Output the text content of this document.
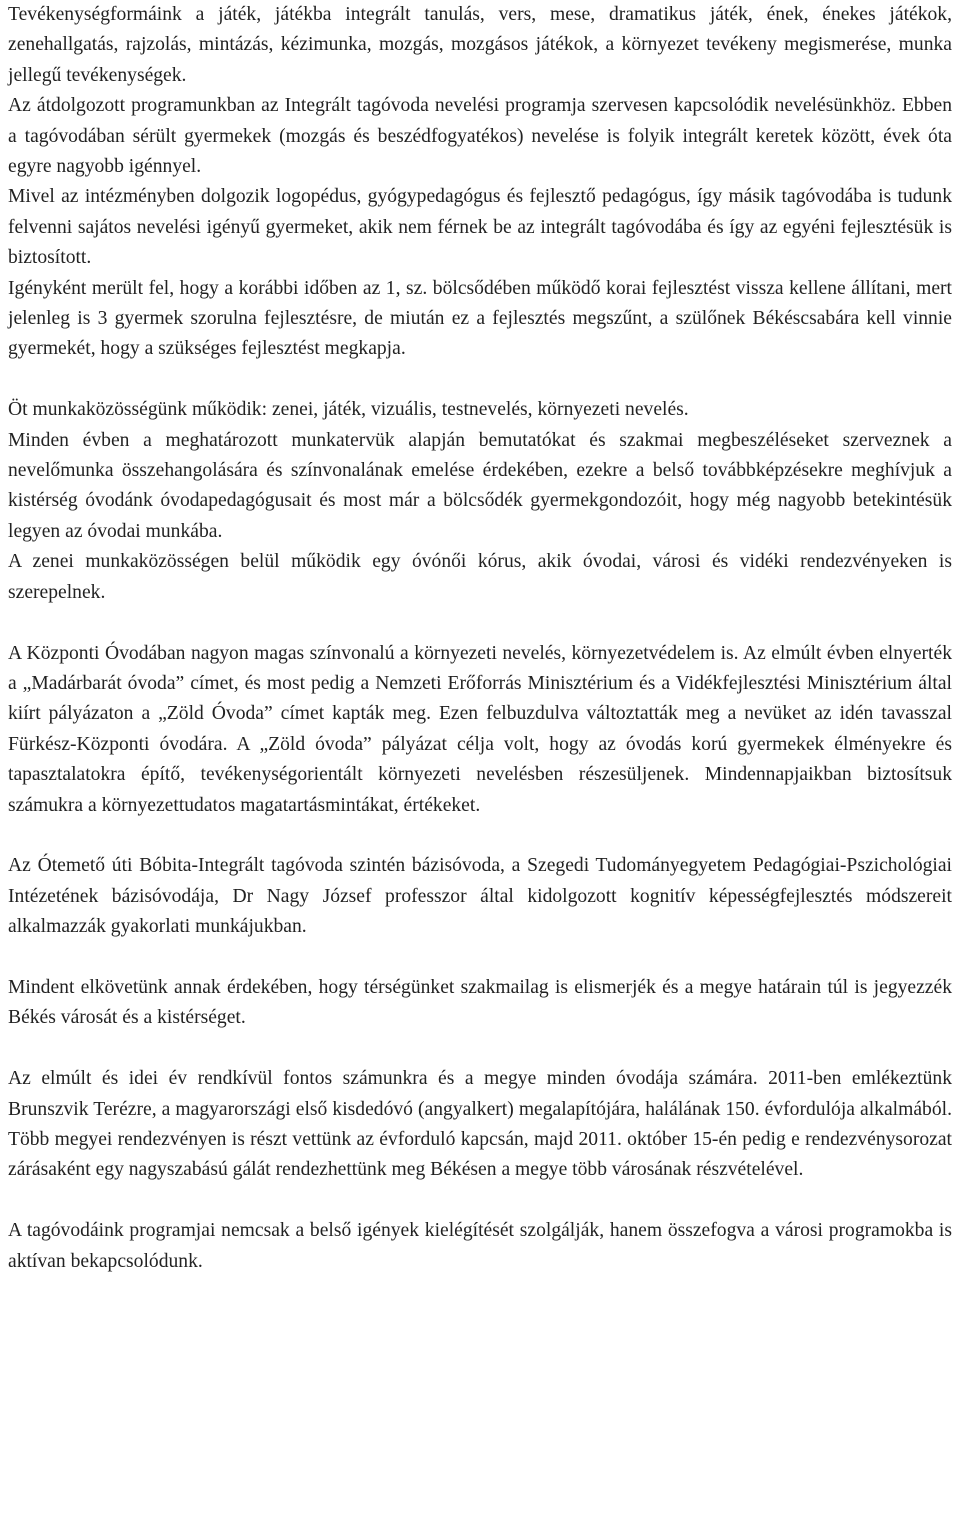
Tevékenységformáink a játék, játékba integrált tanulás, vers, mese, dramatikus játék, ének, énekes játékok, zenehallgatás, rajzolás, mintázás, kézimunka, mozgás, mozgásos játékok, a környezet tevékeny megismerése, munka jellegű tevékenységek.

Az átdolgozott programunkban az Integrált tagóvoda nevelési programja szervesen kapcsolódik nevelésünkhöz. Ebben a tagóvodában sérült gyermekek (mozgás és beszédfogyatékos) nevelése is folyik integrált keretek között, évek óta egyre nagyobb igénnyel.

Mivel az intézményben dolgozik logopédus, gyógypedagógus és fejlesztő pedagógus, így másik tagóvodába is tudunk felvenni sajátos nevelési igényű gyermeket, akik nem férnek be az integrált tagóvodába és így az egyéni fejlesztésük is biztosított.

Igényként merült fel, hogy a korábbi időben az 1, sz. bölcsődében működő korai fejlesztést vissza kellene állítani, mert jelenleg is 3 gyermek szorulna fejlesztésre, de miután ez a fejlesztés megszűnt, a szülőnek Békéscsabára kell vinnie gyermekét, hogy a szükséges fejlesztést megkapja.

Öt munkaközösségünk működik: zenei, játék, vizuális, testnevelés, környezeti nevelés.

Minden évben a meghatározott munkatervük alapján bemutatókat és szakmai megbeszéléseket szerveznek a nevelőmunka összehangolására és színvonalának emelése érdekében, ezekre a belső továbbképzésekre meghívjuk a kistérség óvodánk óvodapedagógusait és most már a bölcsődék gyermekgondozóit, hogy még nagyobb betekintésük legyen az óvodai munkába.

A zenei munkaközösségen belül működik egy óvónői kórus, akik óvodai, városi és vidéki rendezvényeken is szerepelnek.

A Központi Óvodában nagyon magas színvonalú a környezeti nevelés, környezetvédelem is. Az elmúlt évben elnyerték a „Madárbarát óvoda” címet, és most pedig a Nemzeti Erőforrás Minisztérium és a Vidékfejlesztési Minisztérium által kiírt pályázaton a „Zöld Óvoda” címet kapták meg. Ezen felbuzdulva változtatták meg a nevüket az idén tavasszal Fürkész-Központi óvodára. A „Zöld óvoda” pályázat célja volt, hogy az óvodás korú gyermekek élményekre és tapasztalatokra építő, tevékenységorientált környezeti nevelésben részesüljenek. Mindennapjaikban biztosítsuk számukra a környezettudatos magatartásmintákat, értékeket.

Az Ótemető úti Bóbita-Integrált tagóvoda szintén bázisóvoda, a Szegedi Tudományegyetem Pedagógiai-Pszichológiai Intézetének bázisóvodája, Dr Nagy József professzor által kidolgozott kognitív képességfejlesztés módszereit alkalmazzák gyakorlati munkájukban.

Mindent elkövetünk annak érdekében, hogy térségünket szakmailag is elismerjék és a megye határain túl is jegyezzék Békés városát és a kistérséget.

Az elmúlt és idei év rendkívül fontos számunkra és a megye minden óvodája számára. 2011-ben emlékeztünk Brunszvik Terézre, a magyarországi első kisdedóvó (angyalkert) megalapítójára, halálának 150. évfordulója alkalmából. Több megyei rendezvényen is részt vettünk az évforduló kapcsán, majd 2011. október 15-én pedig e rendezvénysorozat zárásaként egy nagyszabású gálát rendezhettünk meg Békésen a megye több városának részvételével.

A tagóvodáink programjai nemcsak a belső igények kielégítését szolgálják, hanem összefogva a városi programokba is aktívan bekapcsolódunk.
